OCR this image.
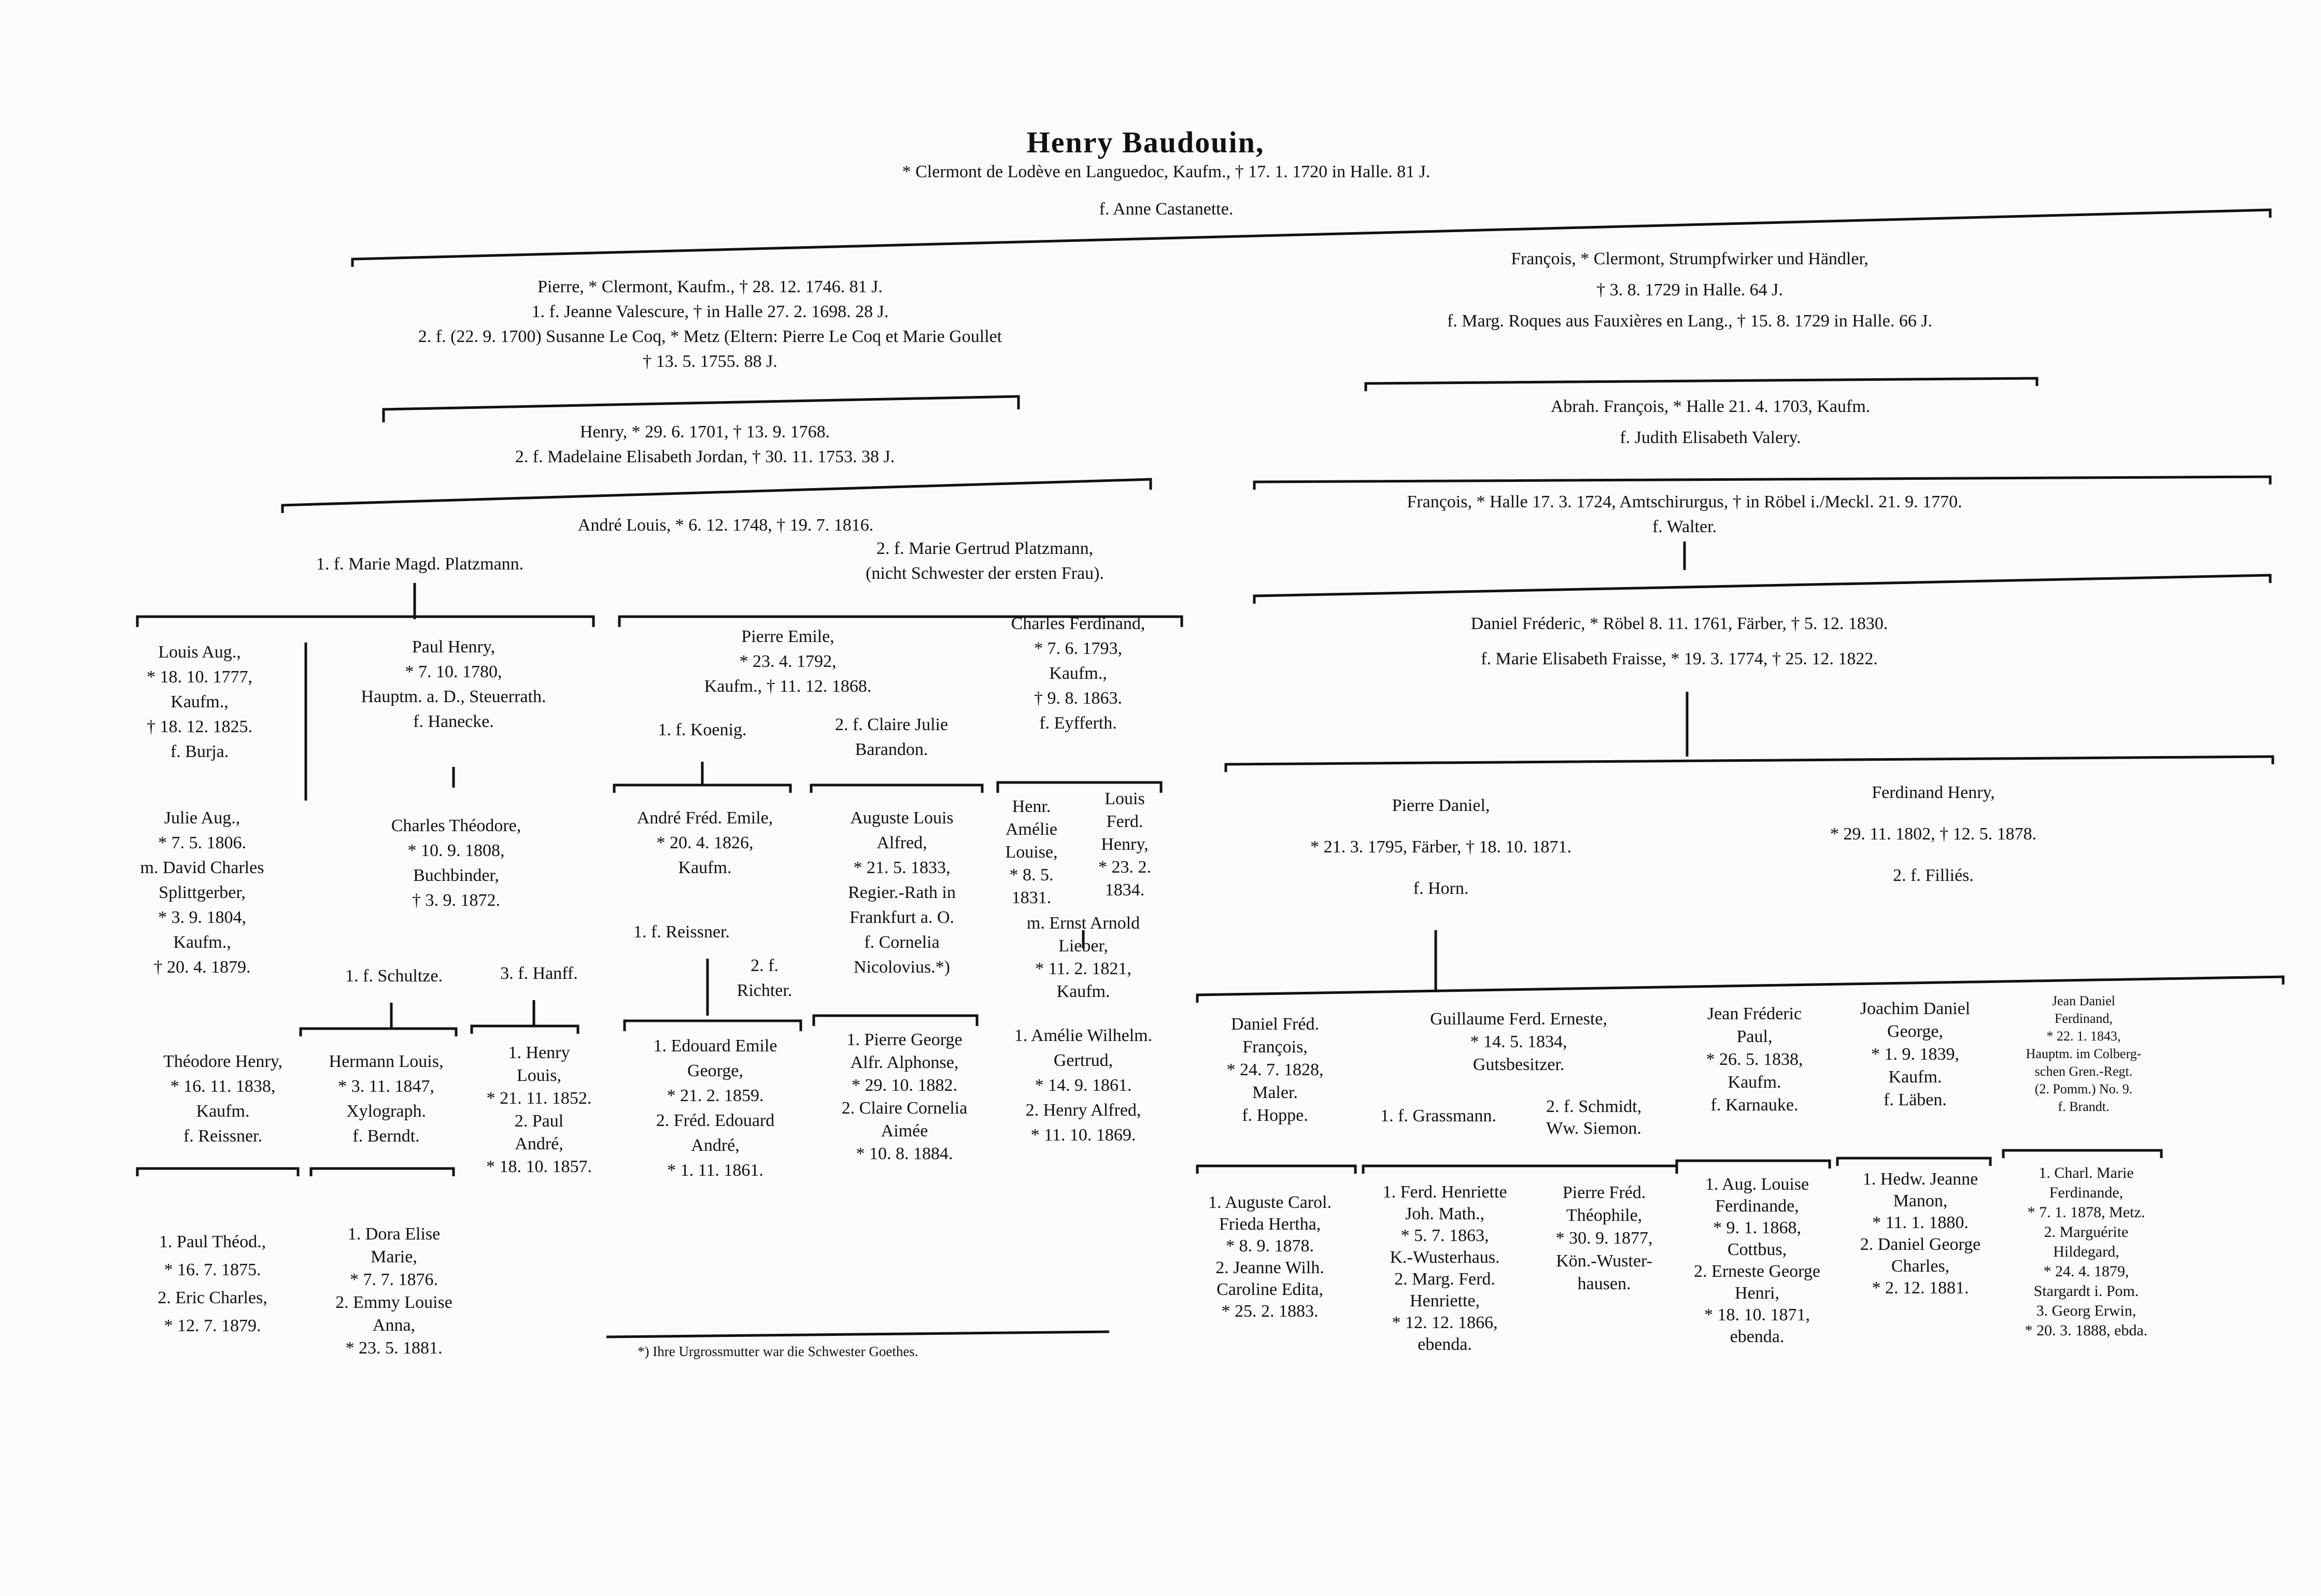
Henry Baudouin,
* Clermont de Lodève en Languedoc, Kaufm., † 17. 1. 1720 in Halle. 81 J.
f. Anne Castanette.
Pierre, * Clermont, Kaufm., † 28. 12. 1746. 81 J.
1. f. Jeanne Valescure, † in Halle 27. 2. 1698. 28 J.
2. f. (22. 9. 1700) Susanne Le Coq, * Metz (Eltern: Pierre Le Coq et Marie Goullet
† 13. 5. 1755. 88 J.
Henry, * 29. 6. 1701, † 13. 9. 1768.
2. f. Madelaine Elisabeth Jordan, † 30. 11. 1753. 38 J.
André Louis, * 6. 12. 1748, † 19. 7. 1816.
1. f. Marie Magd. Platzmann.
2. f. Marie Gertrud Platzmann,
(nicht Schwester der ersten Frau).
Louis Aug.,
* 18. 10. 1777,
Kaufm.,
† 18. 12. 1825.
f. Burja.
Paul Henry,
* 7. 10. 1780,
Hauptm. a. D., Steuerrath.
f. Hanecke.
Pierre Emile,
* 23. 4. 1792,
Kaufm., † 11. 12. 1868.
1. f. Koenig.	2. f. Claire Julie
Barandon.
Charles Ferdinand,
* 7. 6. 1793,
Kaufm.,
† 9. 8. 1863.
f. Eyfferth.
Julie Aug.,
* 7. 5. 1806.
m. David Charles
Splittgerber,
* 3. 9. 1804,
Kaufm.,
† 20. 4. 1879.
Charles Théodore,
* 10. 9. 1808,
Buchbinder,
† 3. 9. 1872.
1. f. Schultze.	3. f. Hanff.
André Fréd. Emile,
* 20. 4. 1826,
Kaufm.
1. f. Reissner.
2. f.
Richter.
Auguste Louis
Alfred,
* 21. 5. 1833,
Regier.-Rath in
Frankfurt a. O.
f. Cornelia
Nicolovius.*)
Henr.
Amélie
Louise,
* 8. 5.
1831.
Louis
Ferd.
Henry,
* 23. 2.
1834.
m. Ernst Arnold
Lieber,
* 11. 2. 1821,
Kaufm.
Théodore Henry,
* 16. 11. 1838,
Kaufm.
f. Reissner.
Hermann Louis,
* 3. 11. 1847,
Xylograph.
f. Berndt.
1. Henry
Louis,
* 21. 11. 1852.
2. Paul
André,
* 18. 10. 1857.
1. Edouard Emile
George,
* 21. 2. 1859.
2. Fréd. Edouard
André,
* 1. 11. 1861.
1. Pierre George
Alfr. Alphonse,
* 29. 10. 1882.
2. Claire Cornelia
Aimée
* 10. 8. 1884.
1. Amélie Wilhelm.
Gertrud,
* 14. 9. 1861.
2. Henry Alfred,
* 11. 10. 1869.
1. Paul Théod.,
* 16. 7. 1875.
2. Eric Charles,
* 12. 7. 1879.
1. Dora Elise
Marie,
* 7. 7. 1876.
2. Emmy Louise
Anna,
* 23. 5. 1881.	*) Ihre Urgrossmutter war die Schwester Goethes.
François, * Clermont, Strumpfwirker und Händler,
† 3. 8. 1729 in Halle. 64 J.
f. Marg. Roques aus Fauxières en Lang., † 15. 8. 1729 in Halle. 66 J.
Abrah. François, * Halle 21. 4. 1703, Kaufm.
f. Judith Elisabeth Valery.
François, * Halle 17. 3. 1724, Amtschirurgus, † in Röbel i./Meckl. 21. 9. 1770.
f. Walter.
Daniel Fréderic, * Röbel 8. 11. 1761, Färber, † 5. 12. 1830.
f. Marie Elisabeth Fraisse, * 19. 3. 1774, † 25. 12. 1822.
Pierre Daniel,
* 21. 3. 1795, Färber, † 18. 10. 1871.
f. Horn.
Ferdinand Henry,
* 29. 11. 1802, † 12. 5. 1878.
2. f. Filliés.
Daniel Fréd.
François,
* 24. 7. 1828,
Maler.
f. Hoppe.
Guillaume Ferd. Erneste,
* 14. 5. 1834,
Gutsbesitzer.
1. f. Grassmann.	2. f. Schmidt,
Ww. Siemon.
Jean Fréderic
Paul,
* 26. 5. 1838,
Kaufm.
f. Karnauke.
Joachim Daniel
George,
* 1. 9. 1839,
Kaufm.
f. Läben.
Jean Daniel
Ferdinand,
* 22. 1. 1843,
Hauptm. im Colberg-
schen Gren.-Regt.
(2. Pomm.) No. 9.
f. Brandt.
1. Auguste Carol.
Frieda Hertha,
* 8. 9. 1878.
2. Jeanne Wilh.
Caroline Edita,
* 25. 2. 1883.
1. Ferd. Henriette
Joh. Math.,
* 5. 7. 1863,
K.-Wusterhaus.
2. Marg. Ferd.
Henriette,
* 12. 12. 1866,
ebenda.
Pierre Fréd.
Théophile,
* 30. 9. 1877,
Kön.-Wuster-
hausen.
1. Aug. Louise
Ferdinande,
* 9. 1. 1868,
Cottbus,
2. Erneste George
Henri,
* 18. 10. 1871,
ebenda.
1. Hedw. Jeanne
Manon,
* 11. 1. 1880.
2. Daniel George
Charles,
* 2. 12. 1881.
1. Charl. Marie
Ferdinande,
* 7. 1. 1878, Metz.
2. Marguérite
Hildegard,
* 24. 4. 1879,
Stargardt i. Pom.
3. Georg Erwin,
* 20. 3. 1888, ebda.
